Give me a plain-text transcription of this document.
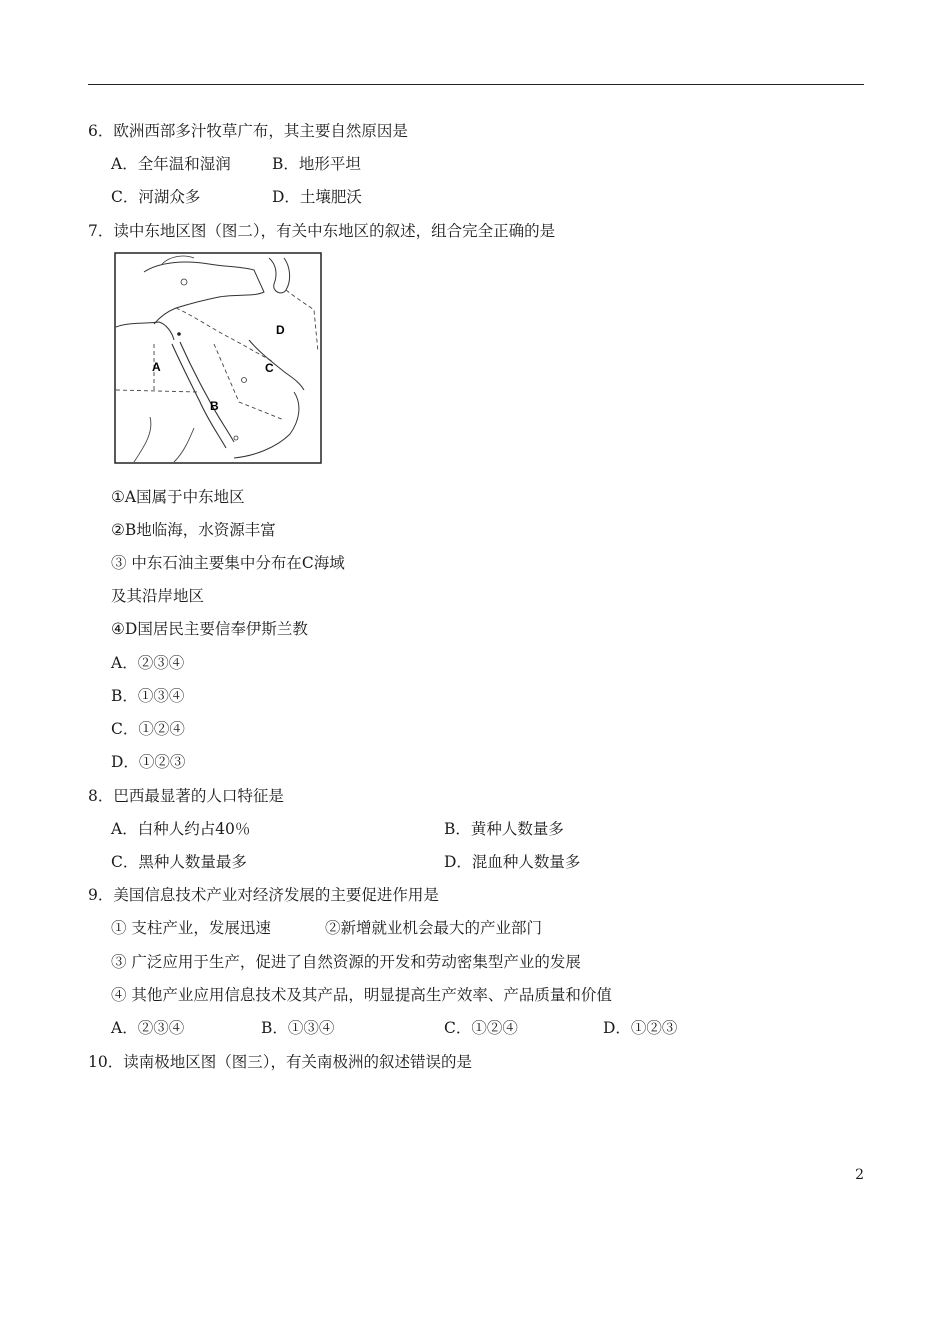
6．欧洲西部多汁牧草广布，其主要自然原因是
A．全年温和湿润	B．地形平坦
C．河湖众多	D．土壤肥沃
7．读中东地区图（图二），有关中东地区的叙述，组合完全正确的是
A
B
C
D
①A国属于中东地区
②B地临海，水资源丰富
③ 中东石油主要集中分布在C海域
及其沿岸地区
④D国居民主要信奉伊斯兰教
A．②③④
B．①③④
C．①②④
D．①②③
8．巴西最显著的人口特征是
A．白种人约占40％	B．黄种人数量多
C．黑种人数量最多	D．混血种人数量多
9．美国信息技术产业对经济发展的主要促进作用是
① 支柱产业，发展迅速	②新增就业机会最大的产业部门
③ 广泛应用于生产，促进了自然资源的开发和劳动密集型产业的发展
④ 其他产业应用信息技术及其产品，明显提高生产效率、产品质量和价值
A．②③④	B．①③④	C．①②④	D．①②③
10．读南极地区图（图三），有关南极洲的叙述错误的是
2
